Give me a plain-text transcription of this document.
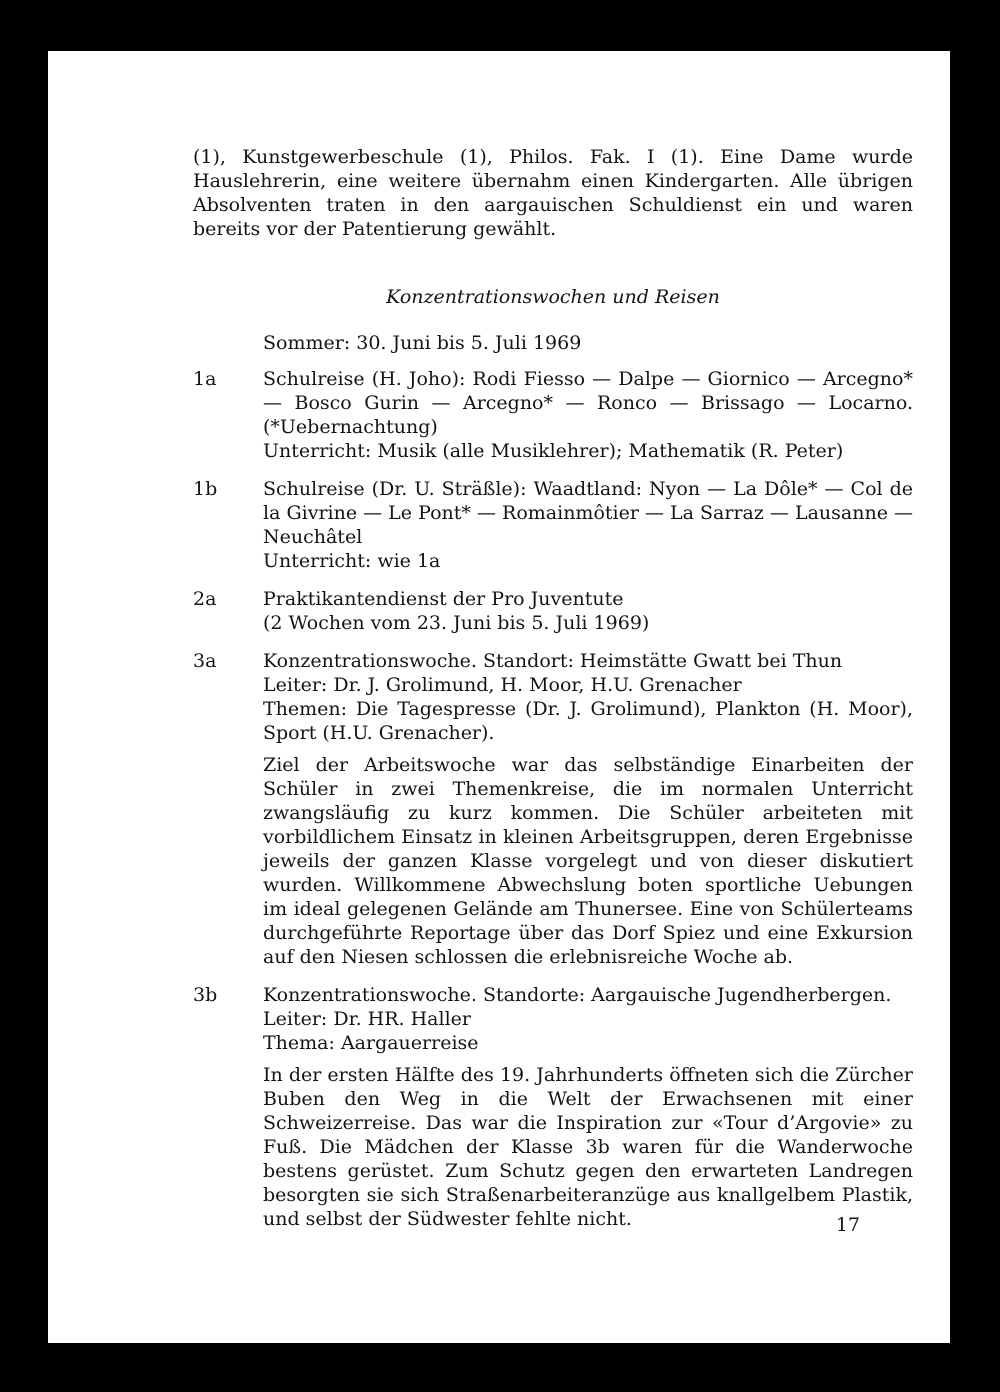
(1), Kunstgewerbeschule (1), Philos. Fak. I (1). Eine Dame wurde Hauslehrerin, eine weitere übernahm einen Kindergarten. Alle übrigen Absolventen traten in den aargauischen Schuldienst ein und waren bereits vor der Patentierung gewählt.

Konzentrationswochen und Reisen

Sommer: 30. Juni bis 5. Juli 1969

1a	Schulreise (H. Joho): Rodi Fiesso — Dalpe — Giornico — Arcegno* — Bosco Gurin — Arcegno* — Ronco — Brissago — Locarno. (*Uebernachtung)

Unterricht: Musik (alle Musiklehrer); Mathematik (R. Peter)

1b	Schulreise (Dr. U. Sträßle): Waadtland: Nyon — La Dôle* — Col de la Givrine — Le Pont* — Romainmôtier — La Sarraz — Lausanne — Neuchâtel

Unterricht: wie 1a

2a	Praktikantendienst der Pro Juventute

(2 Wochen vom 23. Juni bis 5. Juli 1969)

3a	Konzentrationswoche. Standort: Heimstätte Gwatt bei Thun

Leiter: Dr. J. Grolimund, H. Moor, H.U. Grenacher

Themen: Die Tagespresse (Dr. J. Grolimund), Plankton (H. Moor), Sport (H.U. Grenacher).

Ziel der Arbeitswoche war das selbständige Einarbeiten der Schüler in zwei Themenkreise, die im normalen Unterricht zwangsläufig zu kurz kommen. Die Schüler arbeiteten mit vorbildlichem Einsatz in kleinen Arbeitsgruppen, deren Ergebnisse jeweils der ganzen Klasse vorgelegt und von dieser diskutiert wurden. Willkommene Abwechslung boten sportliche Uebungen im ideal gelegenen Gelände am Thunersee. Eine von Schülerteams durchgeführte Reportage über das Dorf Spiez und eine Exkursion auf den Niesen schlossen die erlebnisreiche Woche ab.

3b	Konzentrationswoche. Standorte: Aargauische Jugendherbergen.

Leiter: Dr. HR. Haller

Thema: Aargauerreise

In der ersten Hälfte des 19. Jahrhunderts öffneten sich die Zürcher Buben den Weg in die Welt der Erwachsenen mit einer Schweizerreise. Das war die Inspiration zur «Tour d’Argovie» zu Fuß. Die Mädchen der Klasse 3b waren für die Wanderwoche bestens gerüstet. Zum Schutz gegen den erwarteten Landregen besorgten sie sich Straßenarbeiteranzüge aus knallgelbem Plastik, und selbst der Südwester fehlte nicht.	17
